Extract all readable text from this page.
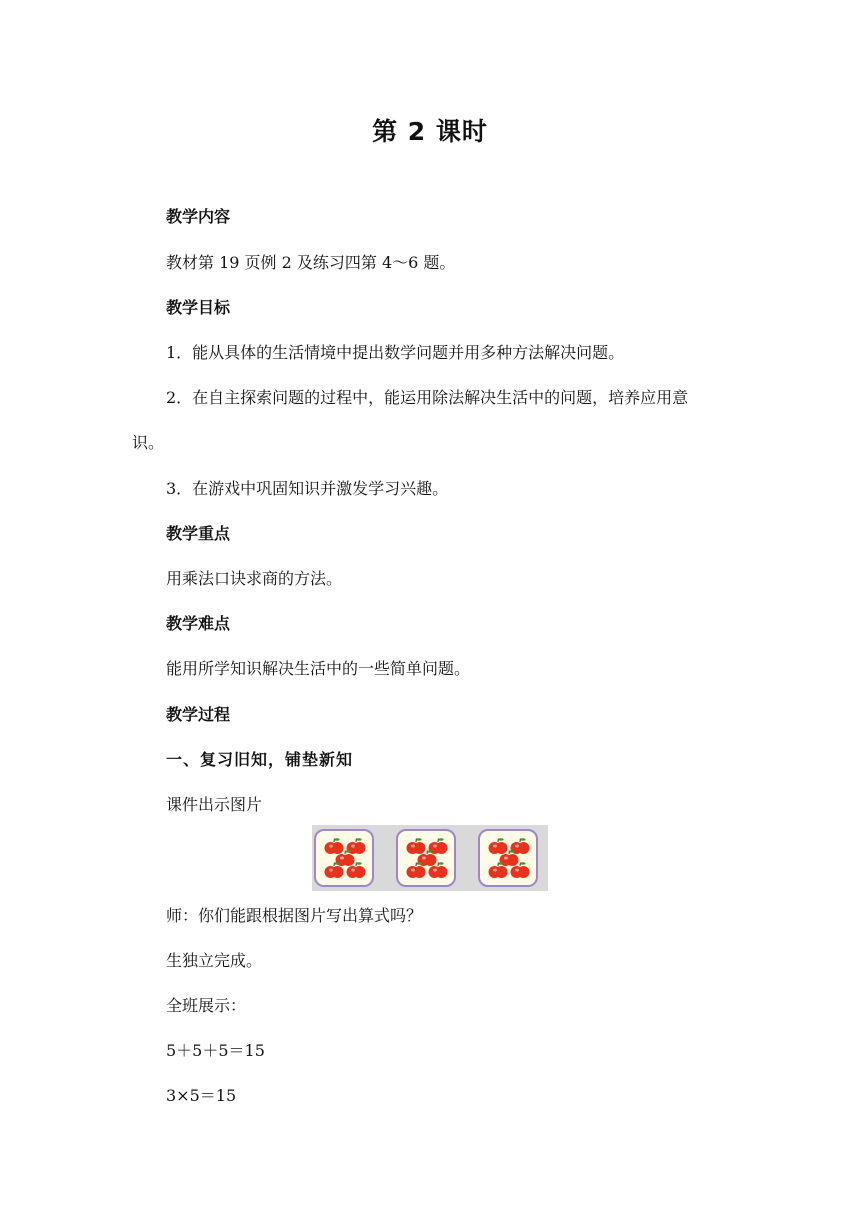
第 2 课时
教学内容
教材第 19 页例 2 及练习四第 4～6 题。
教学目标
1．能从具体的生活情境中提出数学问题并用多种方法解决问题。
2．在自主探索问题的过程中，能运用除法解决生活中的问题，培养应用意
识。
3．在游戏中巩固知识并激发学习兴趣。
教学重点
用乘法口诀求商的方法。
教学难点
能用所学知识解决生活中的一些简单问题。
教学过程
一、复习旧知，铺垫新知
课件出示图片
师：你们能跟根据图片写出算式吗？
生独立完成。
全班展示：
5＋5＋5＝15
3×5＝15
